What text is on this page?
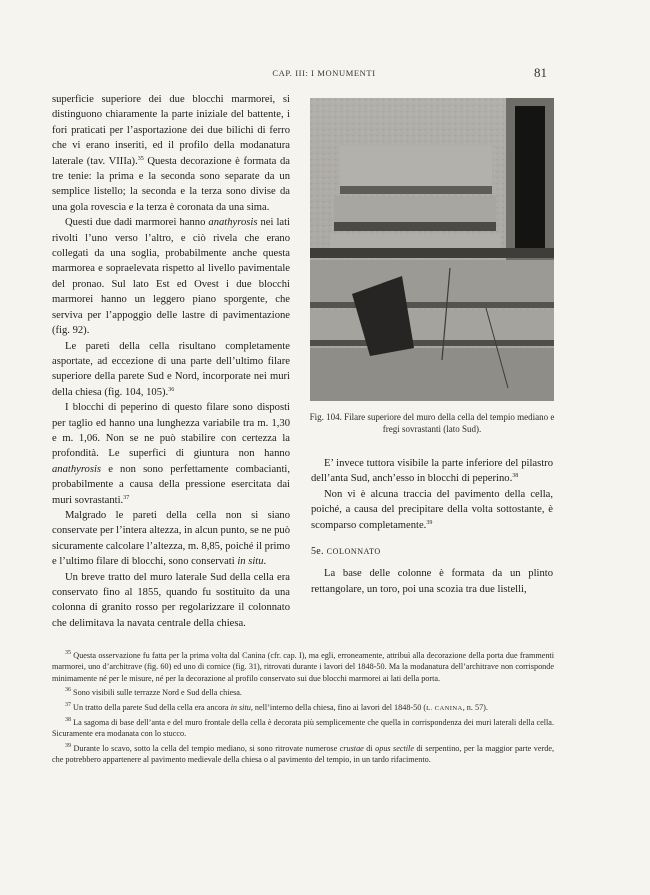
CAP. III: I MONUMENTI	81

superficie superiore dei due blocchi marmorei, si distinguono chiaramente la parte iniziale del battente, i fori praticati per l’asportazione dei due bilichi di ferro che vi erano inseriti, ed il profilo della modanatura laterale (tav. VIIIa).$^{35}$ Questa decorazione è formata da tre tenie: la prima e la seconda sono separate da un semplice listello; la seconda e la terza sono divise da una gola rovescia e la terza è coronata da una sima.

Questi due dadi marmorei hanno anathyrosis nei lati rivolti l’uno verso l’altro, e ciò rivela che erano collegati da una soglia, probabilmente anche questa marmorea e sopraelevata rispetto al livello pavimentale del pronao. Sul lato Est ed Ovest i due blocchi marmorei hanno un leggero piano sporgente, che serviva per l’appoggio delle lastre di pavimentazione (fig. 92).

Le pareti della cella risultano completamente asportate, ad eccezione di una parte dell’ultimo filare superiore della parete Sud e Nord, incorporate nei muri della chiesa (fig. 104, 105).$^{36}$

I blocchi di peperino di questo filare sono disposti per taglio ed hanno una lunghezza variabile tra m. 1,30 e m. 1,06. Non se ne può stabilire con certezza la profondità. Le superfici di giuntura non hanno anathyrosis e non sono perfettamente combacianti, probabilmente a causa della pressione esercitata dai muri sovrastanti.$^{37}$

Malgrado le pareti della cella non si siano conservate per l’intera altezza, in alcun punto, se ne può sicuramente calcolare l’altezza, m. 8,85, poiché il primo e l’ultimo filare di blocchi, sono conservati in situ.

Un breve tratto del muro laterale Sud della cella era conservato fino al 1855, quando fu sostituito da una colonna di granito rosso per regolarizzare il colonnato che delimitava la navata centrale della chiesa.

Fig. 104. Filare superiore del muro della cella del tempio mediano e fregi sovrastanti (lato Sud).

E’ invece tuttora visibile la parte inferiore del pilastro dell’anta Sud, anch’esso in blocchi di peperino.$^{38}$

Non vi è alcuna traccia del pavimento della cella, poiché, a causa del precipitare della volta sottostante, è scomparso completamente.$^{39}$

5e. COLONNATO

La base delle colonne è formata da un plinto rettangolare, un toro, poi una scozia tra due listelli,

$^{35}$ Questa osservazione fu fatta per la prima volta dal Canina (cfr. cap. I), ma egli, erroneamente, attribuì alla decorazione della porta due frammenti marmorei, uno d’architrave (fig. 60) ed uno di cornice (fig. 31), ritrovati durante i lavori del 1848-50. Ma la modanatura dell’architrave non corrisponde minimamente né per le misure, né per la decorazione al profilo conservato sui due blocchi marmorei ai lati della porta.

$^{36}$ Sono visibili sulle terrazze Nord e Sud della chiesa.

$^{37}$ Un tratto della parete Sud della cella era ancora in situ, nell’interno della chiesa, fino ai lavori del 1848-50 (L. CANINA, n. 57).

$^{38}$ La sagoma di base dell’anta e del muro frontale della cella è decorata più semplicemente che quella in corrispondenza dei muri laterali della cella. Sicuramente era modanata con lo stucco.

$^{39}$ Durante lo scavo, sotto la cella del tempio mediano, si sono ritrovate numerose crustae di opus sectile di serpentino, per la maggior parte verde, che potrebbero appartenere al pavimento medievale della chiesa o al pavimento del tempio, in un tardo rifacimento.
